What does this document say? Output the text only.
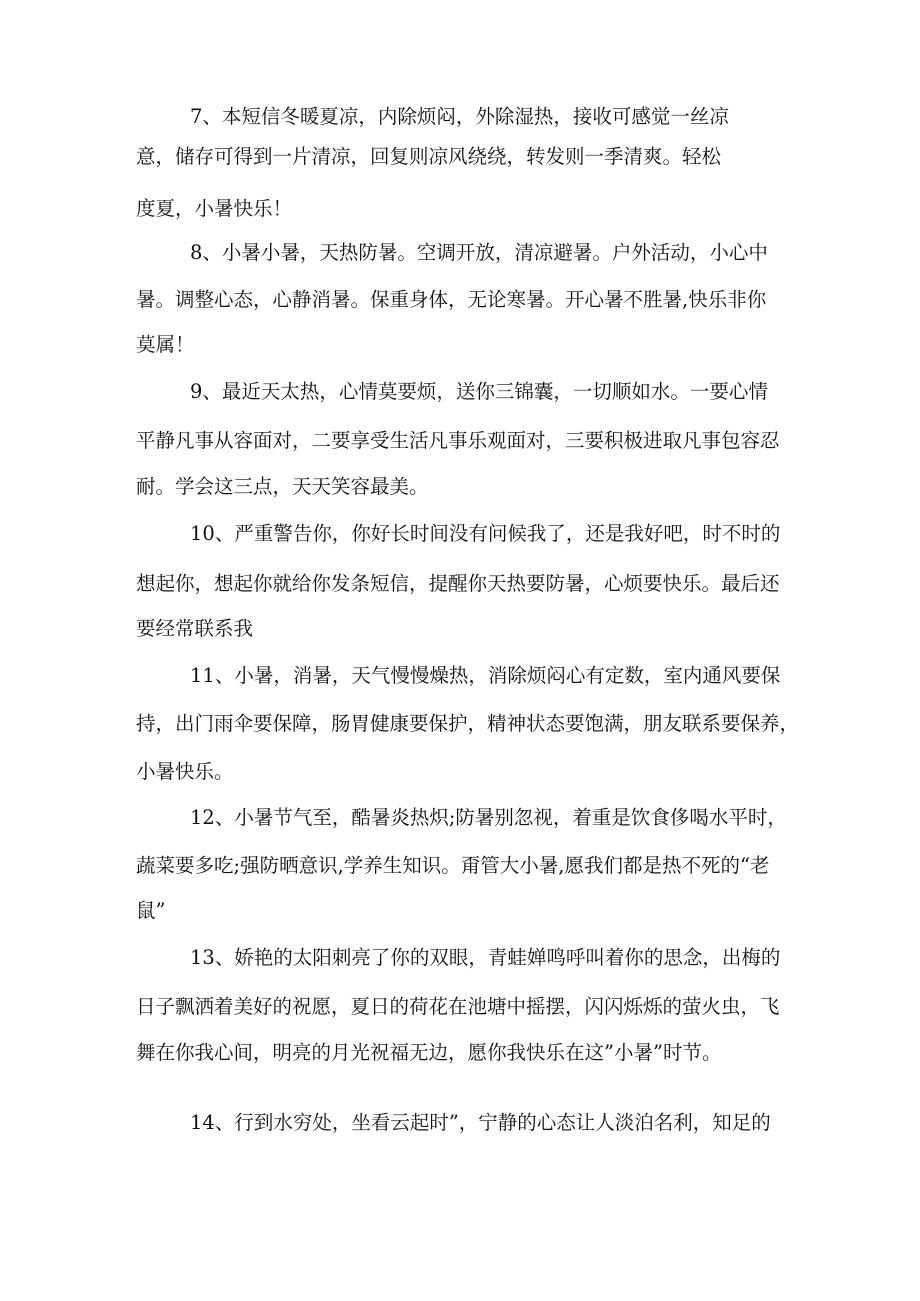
7、本短信冬暖夏凉，内除烦闷，外除湿热，接收可感觉一丝凉
意，储存可得到一片清凉，回复则凉风绕绕，转发则一季清爽。轻松
度夏，小暑快乐！
8、小暑小暑，天热防暑。空调开放，清凉避暑。户外活动，小心中
暑。调整心态，心静消暑。保重身体，无论寒暑。开心暑不胜暑,快乐非你
莫属！
9、最近天太热，心情莫要烦，送你三锦囊，一切顺如水。一要心情
平静凡事从容面对，二要享受生活凡事乐观面对，三要积极进取凡事包容忍
耐。学会这三点，天天笑容最美。
10、严重警告你，你好长时间没有问候我了，还是我好吧，时不时的
想起你，想起你就给你发条短信，提醒你天热要防暑，心烦要快乐。最后还
要经常联系我
11、小暑，消暑，天气慢慢燥热，消除烦闷心有定数，室内通风要保
持，出门雨伞要保障，肠胃健康要保护，精神状态要饱满，朋友联系要保养，
小暑快乐。
12、小暑节气至，酷暑炎热炽;防暑别忽视，着重是饮食侈喝水平时，
蔬菜要多吃;强防晒意识,学养生知识。甭管大小暑,愿我们都是热不死的“老
鼠”
13、娇艳的太阳刺亮了你的双眼，青蛙婵鸣呼叫着你的思念，出梅的
日子飘洒着美好的祝愿，夏日的荷花在池塘中摇摆，闪闪烁烁的萤火虫，飞
舞在你我心间，明亮的月光祝福无边，愿你我快乐在这”小暑”时节。
14、行到水穷处，坐看云起时”，宁静的心态让人淡泊名利，知足的
